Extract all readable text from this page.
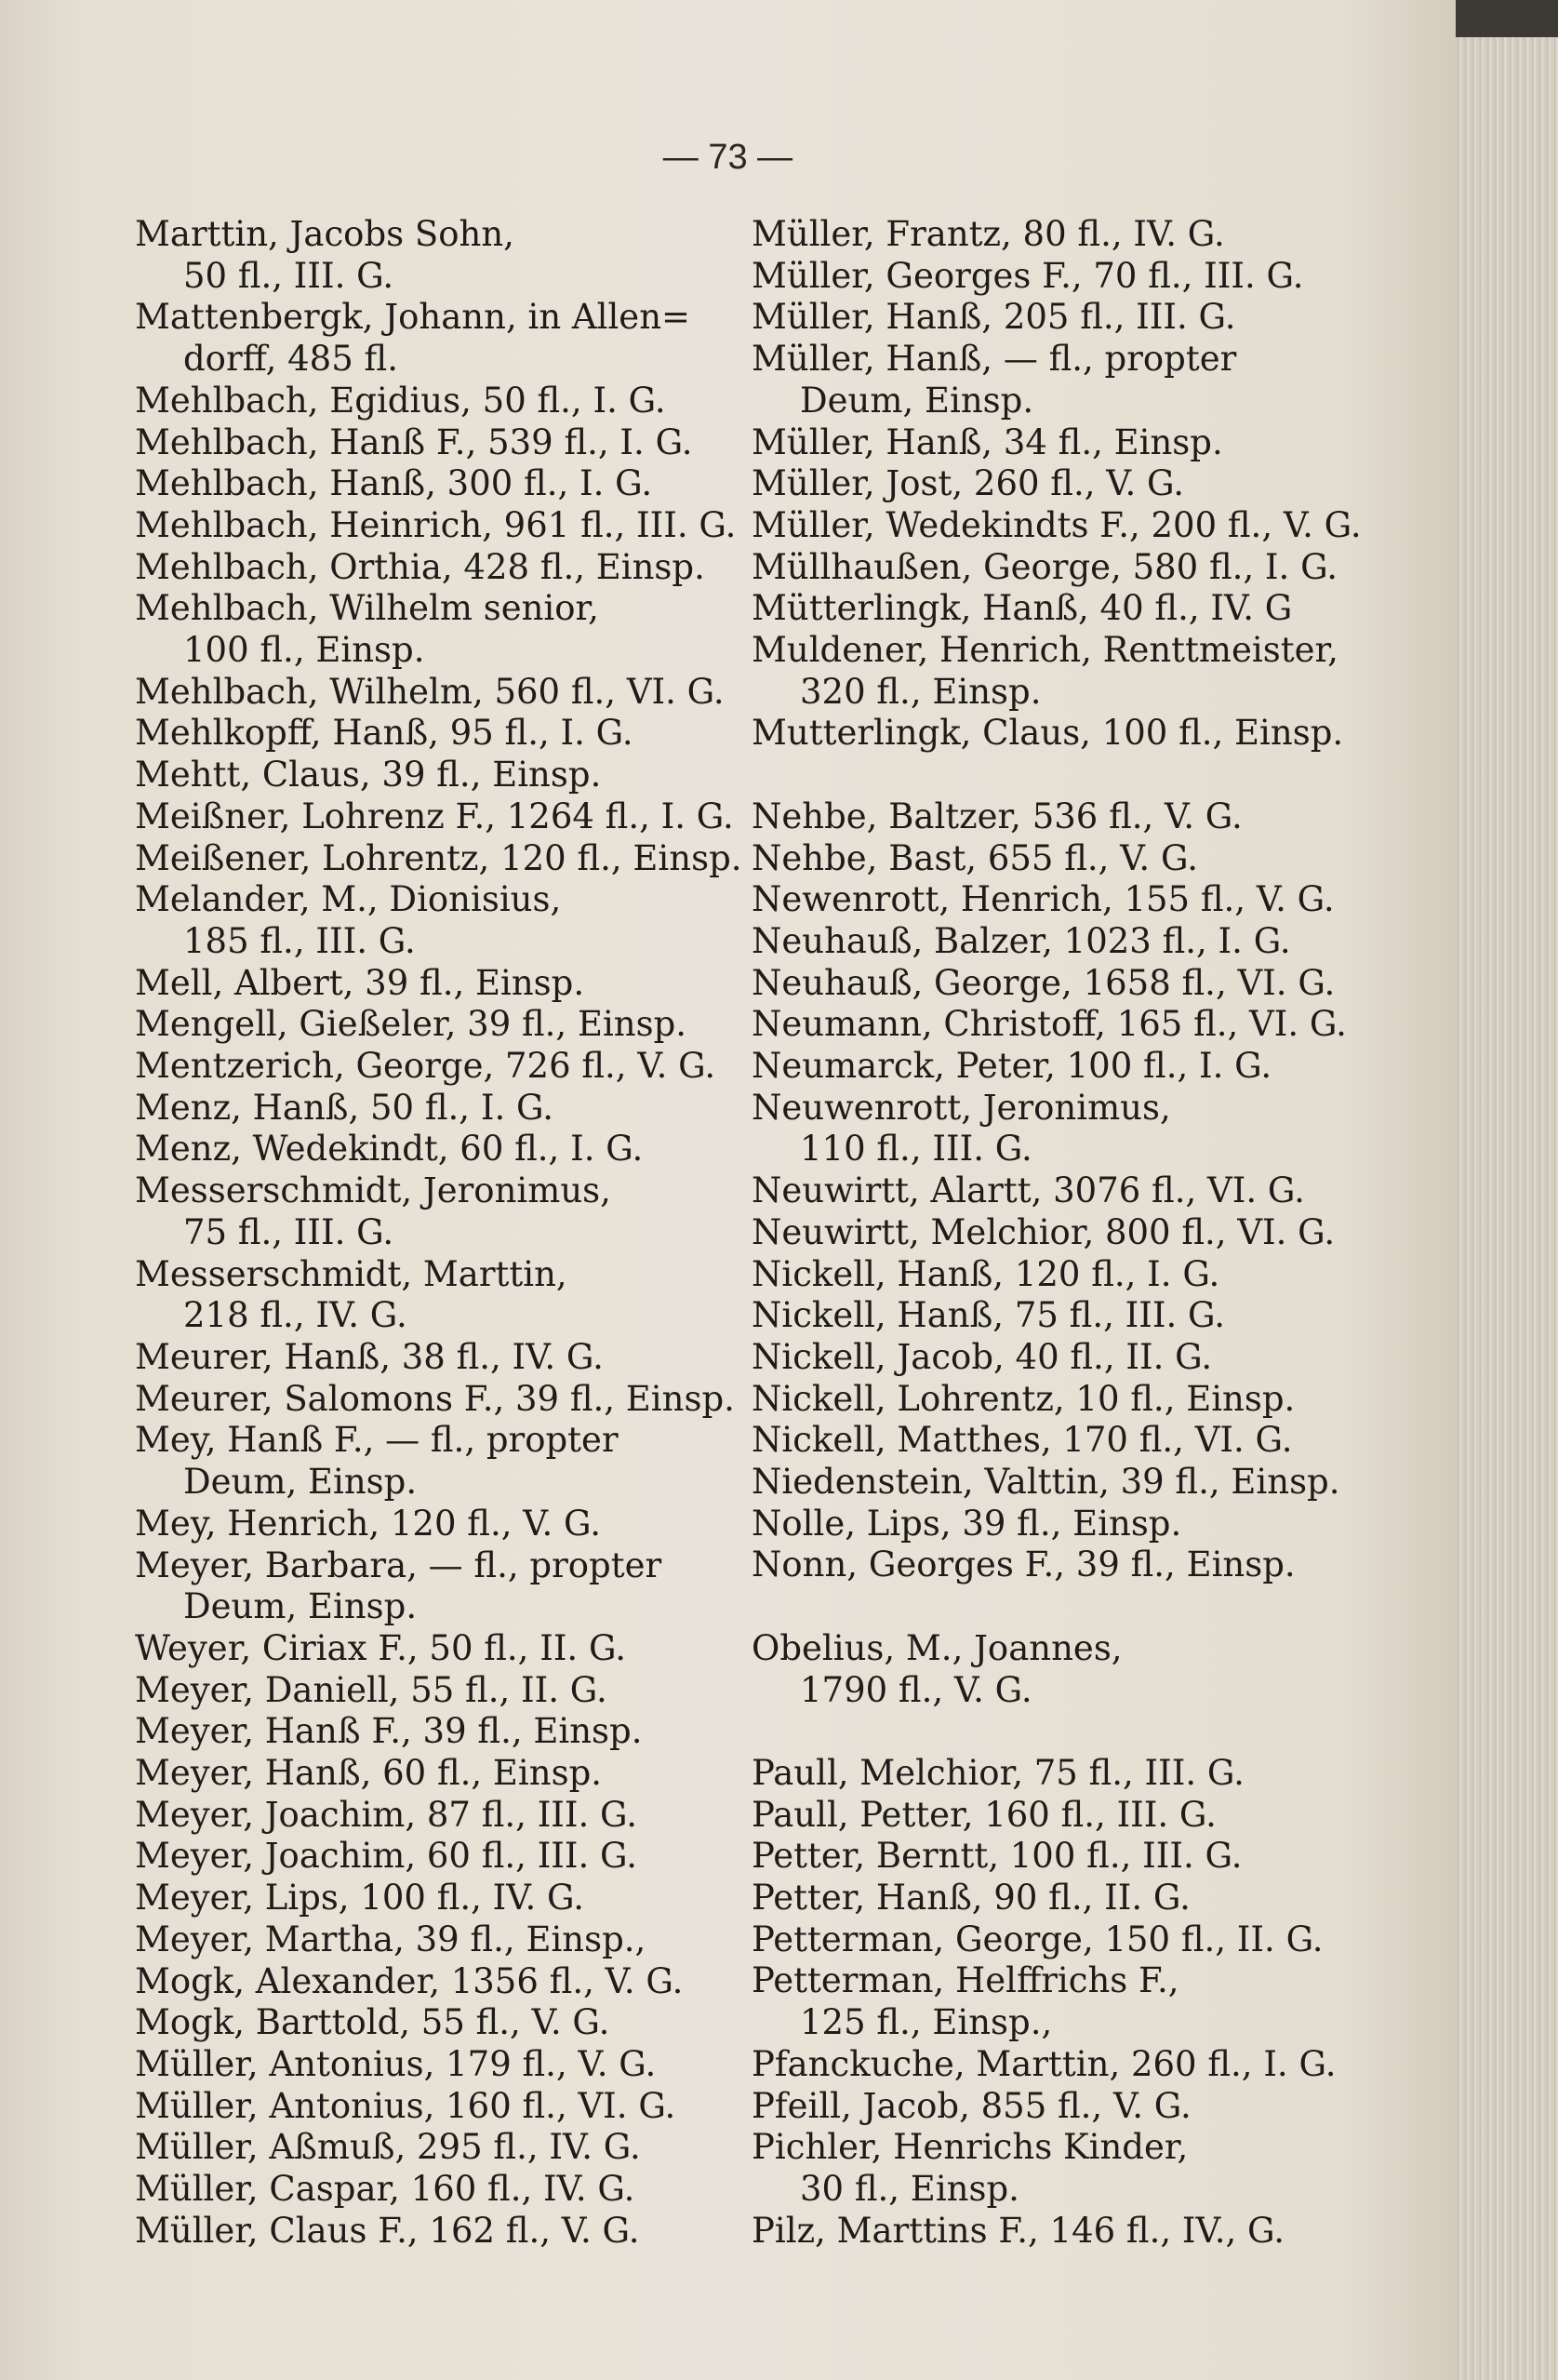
— 73 —
Marttin, Jacobs Sohn,
50 fl., III. G.
Mattenbergk, Johann, in Allen=
dorff, 485 fl.
Mehlbach, Egidius, 50 fl., I. G.
Mehlbach, Hanß F., 539 fl., I. G.
Mehlbach, Hanß, 300 fl., I. G.
Mehlbach, Heinrich, 961 fl., III. G.
Mehlbach, Orthia, 428 fl., Einsp.
Mehlbach, Wilhelm senior,
100 fl., Einsp.
Mehlbach, Wilhelm, 560 fl., VI. G.
Mehlkopff, Hanß, 95 fl., I. G.
Mehtt, Claus, 39 fl., Einsp.
Meißner, Lohrenz F., 1264 fl., I. G.
Meißener, Lohrentz, 120 fl., Einsp.
Melander, M., Dionisius,
185 fl., III. G.
Mell, Albert, 39 fl., Einsp.
Mengell, Gießeler, 39 fl., Einsp.
Mentzerich, George, 726 fl., V. G.
Menz, Hanß, 50 fl., I. G.
Menz, Wedekindt, 60 fl., I. G.
Messerschmidt, Jeronimus,
75 fl., III. G.
Messerschmidt, Marttin,
218 fl., IV. G.
Meurer, Hanß, 38 fl., IV. G.
Meurer, Salomons F., 39 fl., Einsp.
Mey, Hanß F., — fl., propter
Deum, Einsp.
Mey, Henrich, 120 fl., V. G.
Meyer, Barbara, — fl., propter
Deum, Einsp.
Weyer, Ciriax F., 50 fl., II. G.
Meyer, Daniell, 55 fl., II. G.
Meyer, Hanß F., 39 fl., Einsp.
Meyer, Hanß, 60 fl., Einsp.
Meyer, Joachim, 87 fl., III. G.
Meyer, Joachim, 60 fl., III. G.
Meyer, Lips, 100 fl., IV. G.
Meyer, Martha, 39 fl., Einsp.,
Mogk, Alexander, 1356 fl., V. G.
Mogk, Barttold, 55 fl., V. G.
Müller, Antonius, 179 fl., V. G.
Müller, Antonius, 160 fl., VI. G.
Müller, Aßmuß, 295 fl., IV. G.
Müller, Caspar, 160 fl., IV. G.
Müller, Claus F., 162 fl., V. G.
Müller, Frantz, 80 fl., IV. G.
Müller, Georges F., 70 fl., III. G.
Müller, Hanß, 205 fl., III. G.
Müller, Hanß, — fl., propter
Deum, Einsp.
Müller, Hanß, 34 fl., Einsp.
Müller, Jost, 260 fl., V. G.
Müller, Wedekindts F., 200 fl., V. G.
Müllhaußen, George, 580 fl., I. G.
Mütterlingk, Hanß, 40 fl., IV. G
Muldener, Henrich, Renttmeister,
320 fl., Einsp.
Mutterlingk, Claus, 100 fl., Einsp.
Nehbe, Baltzer, 536 fl., V. G.
Nehbe, Bast, 655 fl., V. G.
Newenrott, Henrich, 155 fl., V. G.
Neuhauß, Balzer, 1023 fl., I. G.
Neuhauß, George, 1658 fl., VI. G.
Neumann, Christoff, 165 fl., VI. G.
Neumarck, Peter, 100 fl., I. G.
Neuwenrott, Jeronimus,
110 fl., III. G.
Neuwirtt, Alartt, 3076 fl., VI. G.
Neuwirtt, Melchior, 800 fl., VI. G.
Nickell, Hanß, 120 fl., I. G.
Nickell, Hanß, 75 fl., III. G.
Nickell, Jacob, 40 fl., II. G.
Nickell, Lohrentz, 10 fl., Einsp.
Nickell, Matthes, 170 fl., VI. G.
Niedenstein, Valttin, 39 fl., Einsp.
Nolle, Lips, 39 fl., Einsp.
Nonn, Georges F., 39 fl., Einsp.
Obelius, M., Joannes,
1790 fl., V. G.
Paull, Melchior, 75 fl., III. G.
Paull, Petter, 160 fl., III. G.
Petter, Berntt, 100 fl., III. G.
Petter, Hanß, 90 fl., II. G.
Petterman, George, 150 fl., II. G.
Petterman, Helffrichs F.,
125 fl., Einsp.,
Pfanckuche, Marttin, 260 fl., I. G.
Pfeill, Jacob, 855 fl., V. G.
Pichler, Henrichs Kinder,
30 fl., Einsp.
Pilz, Marttins F., 146 fl., IV., G.
